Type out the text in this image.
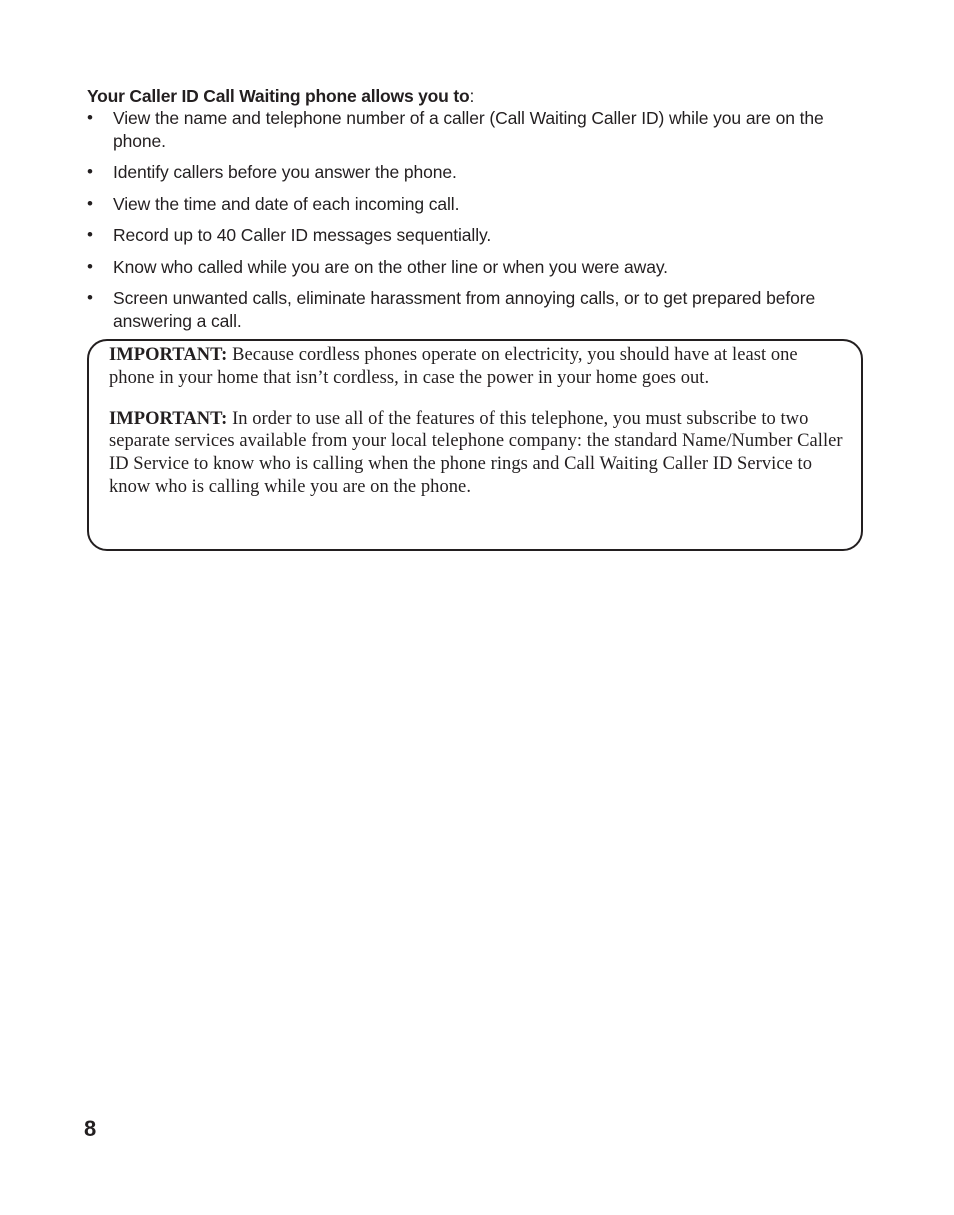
Your Caller ID Call Waiting phone allows you to:
•	View the name and telephone number of a caller (Call Waiting Caller ID) while you are on the phone.
•	Identify callers before you answer the phone.
•	View the time and date of each incoming call.
•	Record up to 40 Caller ID messages sequentially.
•	Know who called while you are on the other line or when you were away.
•	Screen unwanted calls, eliminate harassment from annoying calls, or to get prepared before answering a call.

IMPORTANT: Because cordless phones operate on electricity, you should have at least one phone in your home that isn’t cordless, in case the power in your home goes out.

IMPORTANT: In order to use all of the features of this telephone, you must subscribe to two separate services available from your local telephone company: the standard Name/Number Caller ID Service to know who is calling when the phone rings and Call Waiting Caller ID Service to know who is calling while you are on the phone.

8
